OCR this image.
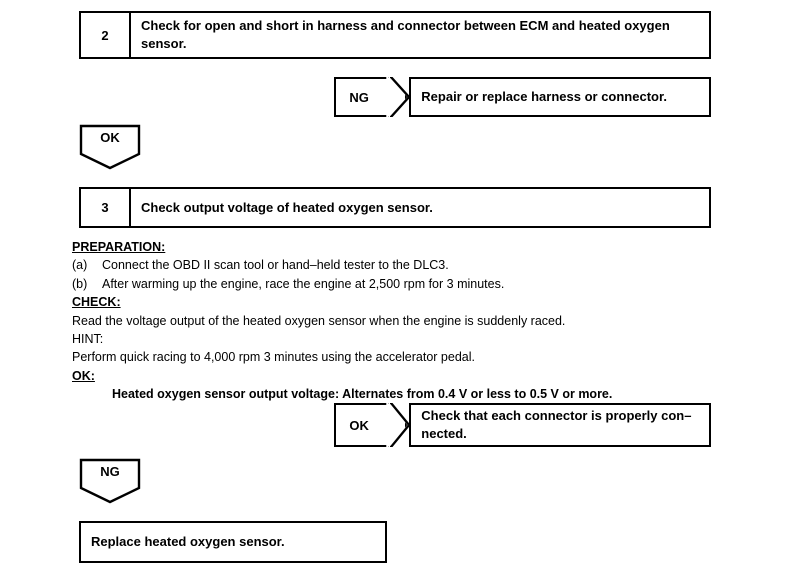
2
Check for open and short in harness and connector between ECM and heated oxygen sensor.
NG	Repair or replace harness or connector.
OK
3	Check output voltage of heated oxygen sensor.
PREPARATION:
(a)	Connect the OBD II scan tool or hand–held tester to the DLC3.
(b)	After warming up the engine, race the engine at 2,500 rpm for 3 minutes.
CHECK:
Read the voltage output of the heated oxygen sensor when the engine is suddenly raced.
HINT:
Perform quick racing to 4,000 rpm 3 minutes using the accelerator pedal.
OK:
Heated oxygen sensor output voltage: Alternates from 0.4 V or less to 0.5 V or more.
OK
Check that each connector is properly con–nected.
NG
Replace heated oxygen sensor.
